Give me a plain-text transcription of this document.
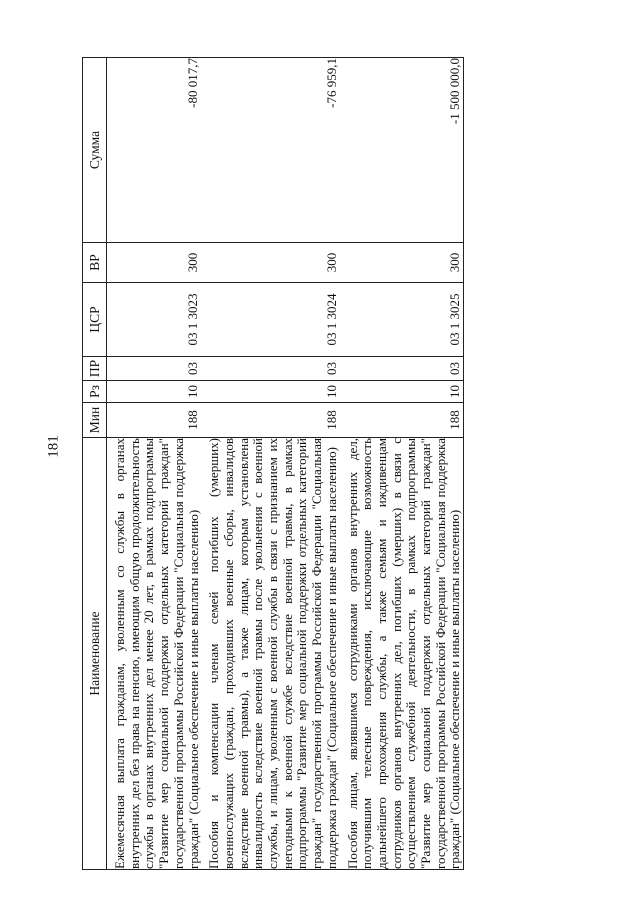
181
Наименование	Мин	Рз	ПР	ЦСР	ВР	Сумма
Ежемесячная выплата гражданам, уволенным со службы в органах внутренних дел без права на пенсию, имеющим общую продолжительность службы в органах внутренних дел менее 20 лет, в рамках подпрограммы "Развитие мер социальной поддержки отдельных категорий граждан" государственной программы Российской Федерации "Социальная поддержка граждан" (Социальное обеспечение и иные выплаты населению)	188	10	03	03 1 3023	300	-80 017,7
Пособия и компенсации членам семей погибших (умерших) военнослужащих (граждан, проходивших военные сборы, инвалидов вследствие военной травмы), а также лицам, которым установлена инвалидность вследствие военной травмы после увольнения с военной службы, и лицам, уволенным с военной службы в связи с признанием их негодными к военной службе вследствие военной травмы, в рамках подпрограммы "Развитие мер социальной поддержки отдельных категорий граждан" государственной программы Российской Федерации "Социальная поддержка граждан" (Социальное обеспечение и иные выплаты населению)	188	10	03	03 1 3024	300	-76 959,1
Пособия лицам, являвшимся сотрудниками органов внутренних дел, получившим телесные повреждения, исключающие возможность дальнейшего прохождения службы, а также семьям и иждивенцам сотрудников органов внутренних дел, погибших (умерших) в связи с осуществлением служебной деятельности, в рамках подпрограммы "Развитие мер социальной поддержки отдельных категорий граждан" государственной программы Российской Федерации "Социальная поддержка граждан" (Социальное обеспечение и иные выплаты населению)	188	10	03	03 1 3025	300	-1 500 000,0
